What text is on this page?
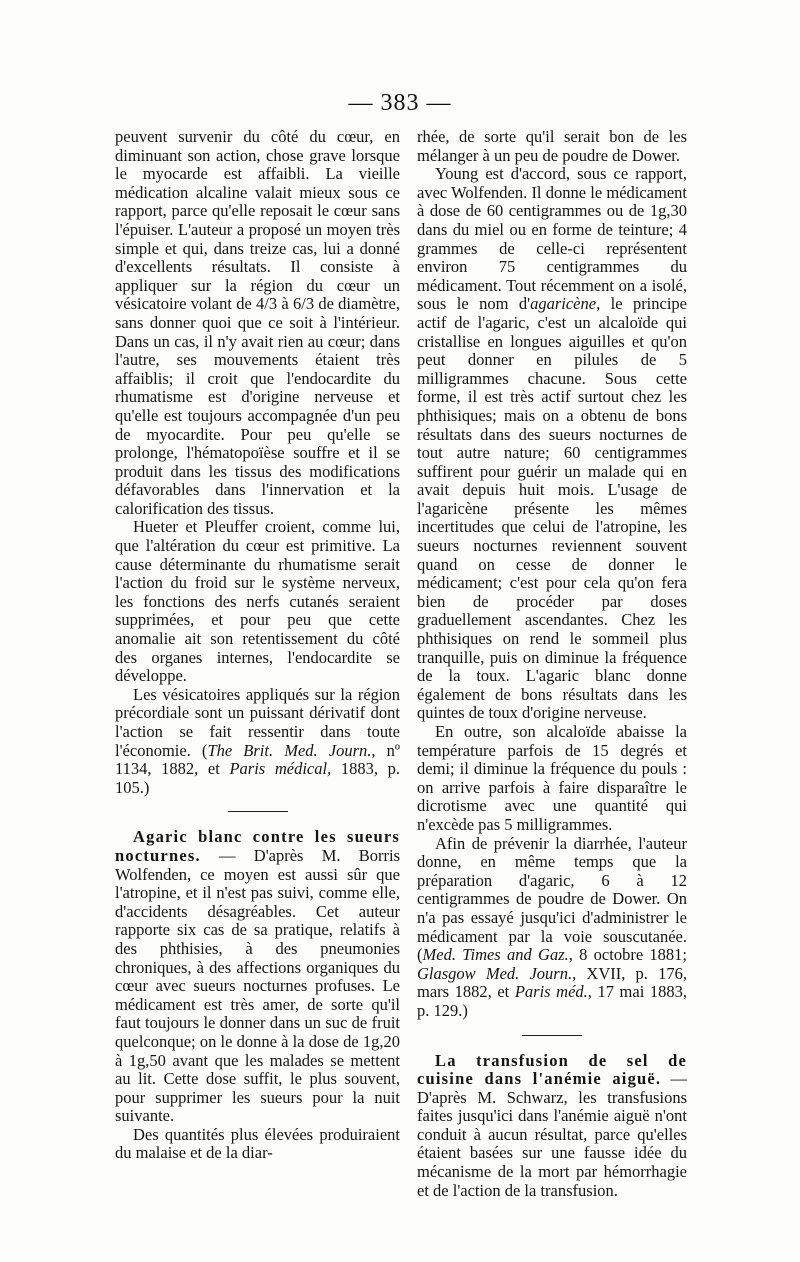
— 383 —

peuvent survenir du côté du cœur, en diminuant son action, chose grave lorsque le myocarde est affaibli. La vieille médication alcaline valait mieux sous ce rapport, parce qu'elle reposait le cœur sans l'épuiser. L'auteur a proposé un moyen très simple et qui, dans treize cas, lui a donné d'excellents résultats. Il consiste à appliquer sur la région du cœur un vésicatoire volant de 4/3 à 6/3 de diamètre, sans donner quoi que ce soit à l'intérieur. Dans un cas, il n'y avait rien au cœur; dans l'autre, ses mouvements étaient très affaiblis; il croit que l'endocardite du rhumatisme est d'origine nerveuse et qu'elle est toujours accompagnée d'un peu de myocardite. Pour peu qu'elle se prolonge, l'hématopoïèse souffre et il se produit dans les tissus des modifications défavorables dans l'innervation et la calorification des tissus.

Hueter et Pleuffer croient, comme lui, que l'altération du cœur est primitive. La cause déterminante du rhumatisme serait l'action du froid sur le système nerveux, les fonctions des nerfs cutanés seraient supprimées, et pour peu que cette anomalie ait son retentissement du côté des organes internes, l'endocardite se développe.

Les vésicatoires appliqués sur la région précordiale sont un puissant dérivatif dont l'action se fait ressentir dans toute l'économie. (The Brit. Med. Journ., nº 1134, 1882, et Paris médical, 1883, p. 105.)

Agaric blanc contre les sueurs nocturnes. — D'après M. Borris Wolfenden, ce moyen est aussi sûr que l'atropine, et il n'est pas suivi, comme elle, d'accidents désagréables. Cet auteur rapporte six cas de sa pratique, relatifs à des phthisies, à des pneumonies chroniques, à des affections organiques du cœur avec sueurs nocturnes profuses. Le médicament est très amer, de sorte qu'il faut toujours le donner dans un suc de fruit quelconque; on le donne à la dose de 1g,20 à 1g,50 avant que les malades se mettent au lit. Cette dose suffit, le plus souvent, pour supprimer les sueurs pour la nuit suivante.

Des quantités plus élevées produiraient du malaise et de la diar-

rhée, de sorte qu'il serait bon de les mélanger à un peu de poudre de Dower.

Young est d'accord, sous ce rapport, avec Wolfenden. Il donne le médicament à dose de 60 centigrammes ou de 1g,30 dans du miel ou en forme de teinture; 4 grammes de celle-ci représentent environ 75 centigrammes du médicament. Tout récemment on a isolé, sous le nom d'agaricène, le principe actif de l'agaric, c'est un alcaloïde qui cristallise en longues aiguilles et qu'on peut donner en pilules de 5 milligrammes chacune. Sous cette forme, il est très actif surtout chez les phthisiques; mais on a obtenu de bons résultats dans des sueurs nocturnes de tout autre nature; 60 centigrammes suffirent pour guérir un malade qui en avait depuis huit mois. L'usage de l'agaricène présente les mêmes incertitudes que celui de l'atropine, les sueurs nocturnes reviennent souvent quand on cesse de donner le médicament; c'est pour cela qu'on fera bien de procéder par doses graduellement ascendantes. Chez les phthisiques on rend le sommeil plus tranquille, puis on diminue la fréquence de la toux. L'agaric blanc donne également de bons résultats dans les quintes de toux d'origine nerveuse.

En outre, son alcaloïde abaisse la température parfois de 15 degrés et demi; il diminue la fréquence du pouls : on arrive parfois à faire disparaître le dicrotisme avec une quantité qui n'excède pas 5 milligrammes.

Afin de prévenir la diarrhée, l'auteur donne, en même temps que la préparation d'agaric, 6 à 12 centigrammes de poudre de Dower. On n'a pas essayé jusqu'ici d'administrer le médicament par la voie souscutanée. (Med. Times and Gaz., 8 octobre 1881; Glasgow Med. Journ., XVII, p. 176, mars 1882, et Paris méd., 17 mai 1883, p. 129.)

La transfusion de sel de cuisine dans l'anémie aiguë. — D'après M. Schwarz, les transfusions faites jusqu'ici dans l'anémie aiguë n'ont conduit à aucun résultat, parce qu'elles étaient basées sur une fausse idée du mécanisme de la mort par hémorrhagie et de l'action de la transfusion.
